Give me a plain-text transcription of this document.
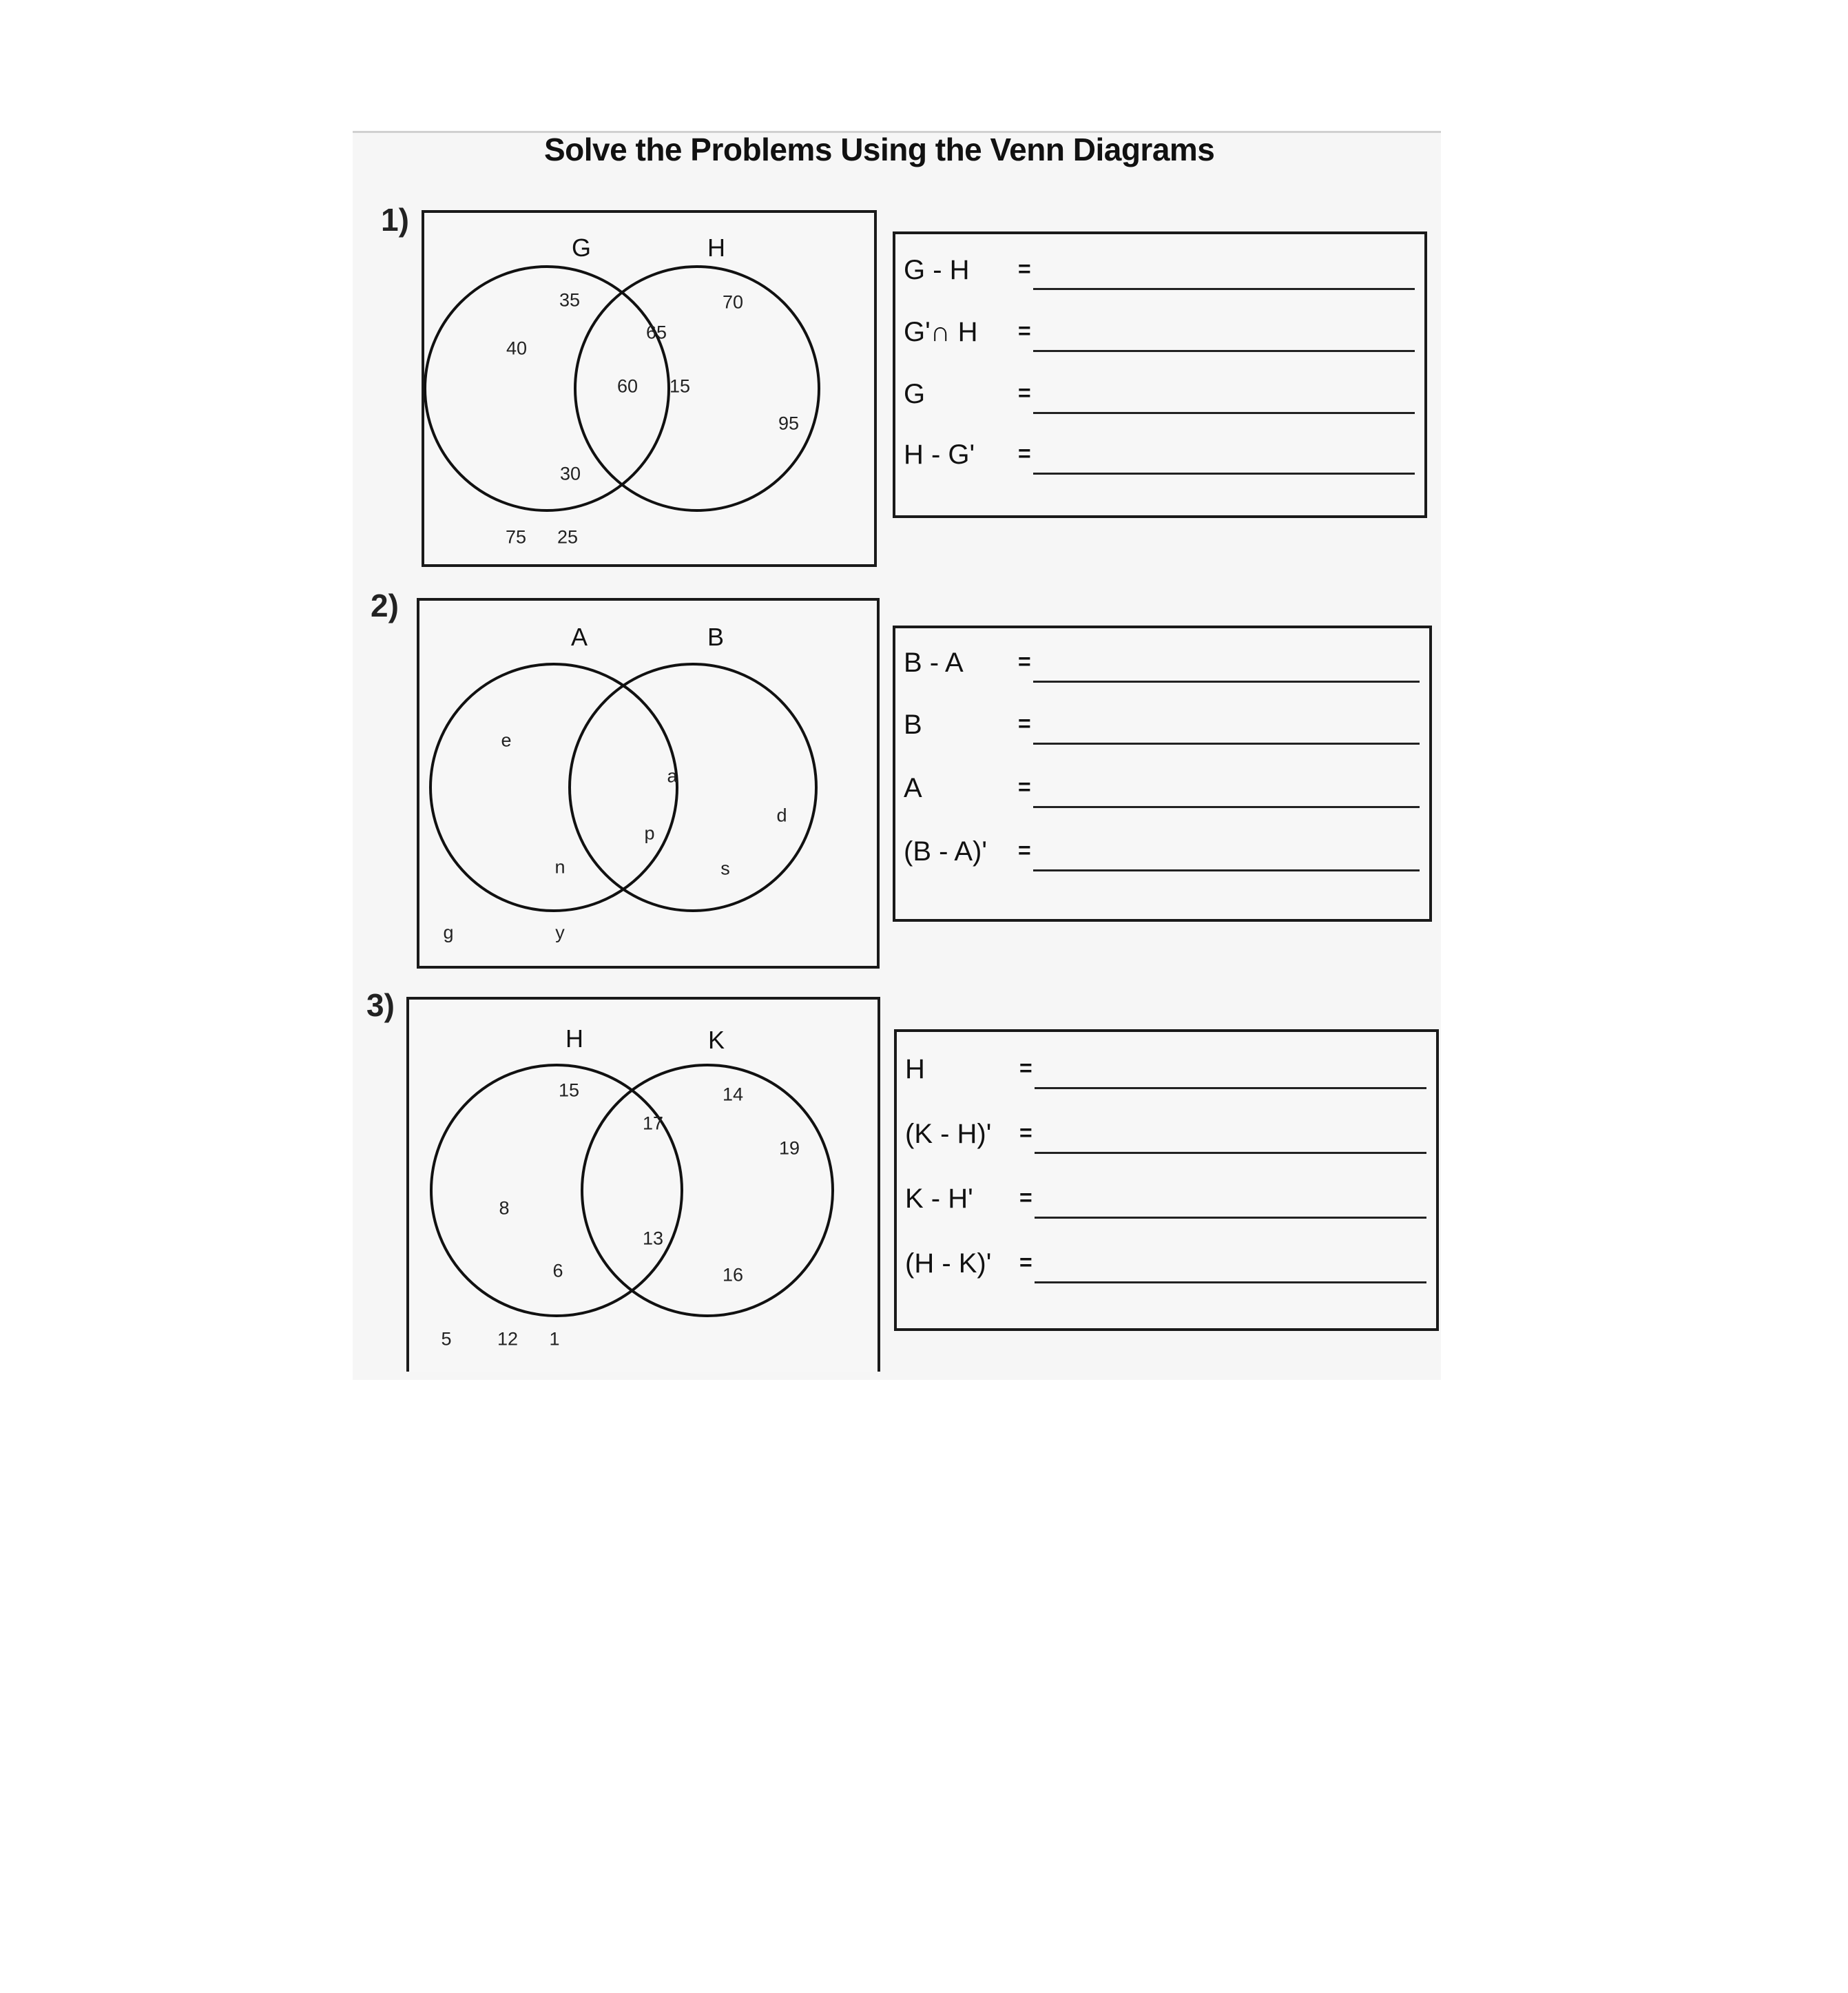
Solve the Problems Using the Venn Diagrams
1)
G	H
35	70
40
65
60 15
95
30
75 25
G - H =
G'∩ H =
G	=
H - G' =
2)
A	B
e
a
d
p
n	s
g	y
B - A =
B	=
A	=
(B - A)' =
3)
H	K
15	14
17
19
8
13
6	16
5 12 1
H	=
(K - H)' =
K - H' =
(H - K)' =
